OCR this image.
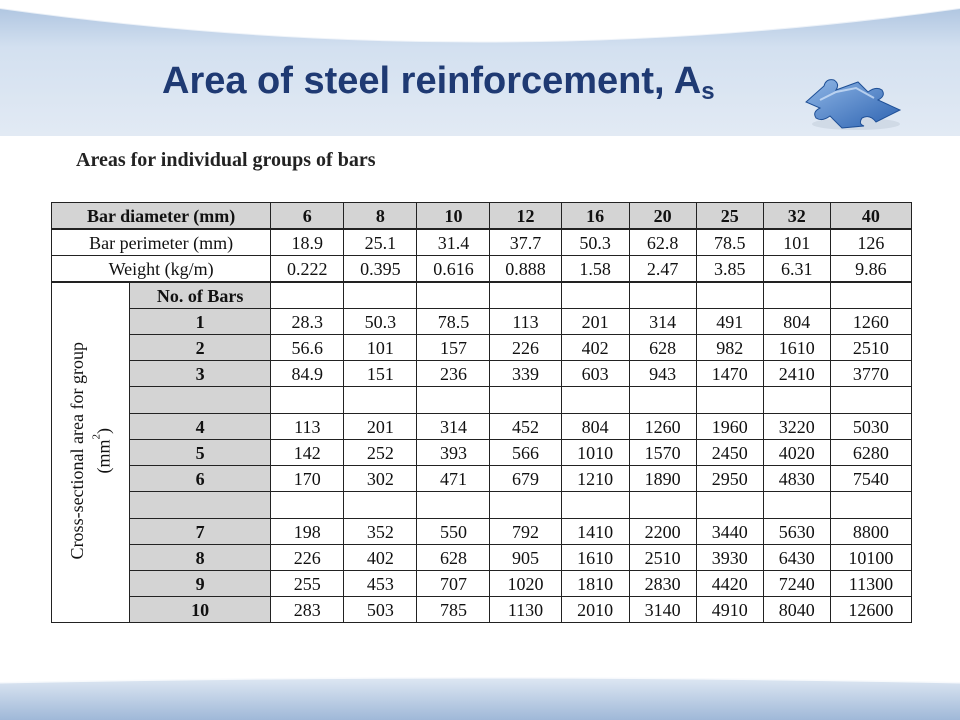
Area of steel reinforcement, $A_s$

Areas for individual groups of bars

Bar diameter (mm)		6	8	10	12	16	20	25	32	40
Bar perimeter (mm)		18.9	25.1	31.4	37.7	50.3	62.8	78.5	101	126
Weight (kg/m)		0.222	0.395	0.616	0.888	1.58	2.47	3.85	6.31	9.86
Cross-sectional area for group $(mm^2)$	No. of Bars									
	1	28.3	50.3	78.5	113	201	314	491	804	1260
	2	56.6	101	157	226	402	628	982	1610	2510
	3	84.9	151	236	339	603	943	1470	2410	3770

	4	113	201	314	452	804	1260	1960	3220	5030
	5	142	252	393	566	1010	1570	2450	4020	6280
	6	170	302	471	679	1210	1890	2950	4830	7540

	7	198	352	550	792	1410	2200	3440	5630	8800
	8	226	402	628	905	1610	2510	3930	6430	10100
	9	255	453	707	1020	1810	2830	4420	7240	11300
	10	283	503	785	1130	2010	3140	4910	8040	12600
